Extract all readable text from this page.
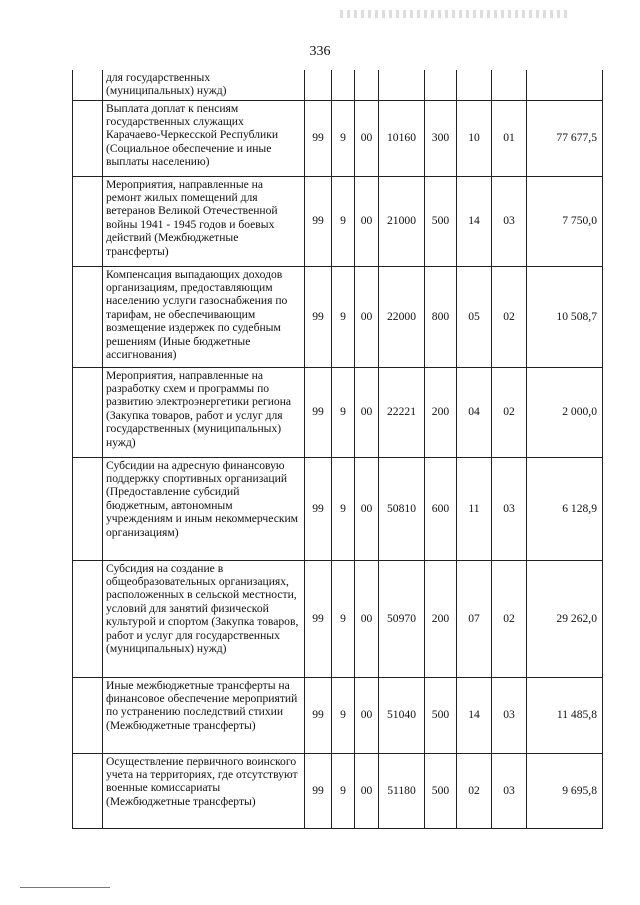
336
	для государственных (муниципальных) нужд)								
	Выплата доплат к пенсиям государственных служащих Карачаево-Черкесской Республики (Социальное обеспечение и иные выплаты населению)	99	9	00	10160	300	10	01	77 677,5
	Мероприятия, направленные на ремонт жилых помещений для ветеранов Великой Отечественной войны 1941 - 1945 годов и боевых действий (Межбюджетные трансферты)	99	9	00	21000	500	14	03	7 750,0
	Компенсация выпадающих доходов организациям, предоставляющим населению услуги газоснабжения по тарифам, не обеспечивающим возмещение издержек по судебным решениям (Иные бюджетные ассигнования)	99	9	00	22000	800	05	02	10 508,7
	Мероприятия, направленные на разработку схем и программы по развитию электроэнергетики региона (Закупка товаров, работ и услуг для государственных (муниципальных) нужд)	99	9	00	22221	200	04	02	2 000,0
	Субсидии на адресную финансовую поддержку спортивных организаций (Предоставление субсидий бюджетным, автономным учреждениям и иным некоммерческим организациям)	99	9	00	50810	600	11	03	6 128,9
	Субсидия на создание в общеобразовательных организациях, расположенных в сельской местности, условий для занятий физической культурой и спортом (Закупка товаров, работ и услуг для государственных (муниципальных) нужд)	99	9	00	50970	200	07	02	29 262,0
	Иные межбюджетные трансферты на финансовое обеспечение мероприятий по устранению последствий стихии (Межбюджетные трансферты)	99	9	00	51040	500	14	03	11 485,8
	Осуществление первичного воинского учета на территориях, где отсутствуют военные комиссариаты (Межбюджетные трансферты)	99	9	00	51180	500	02	03	9 695,8
